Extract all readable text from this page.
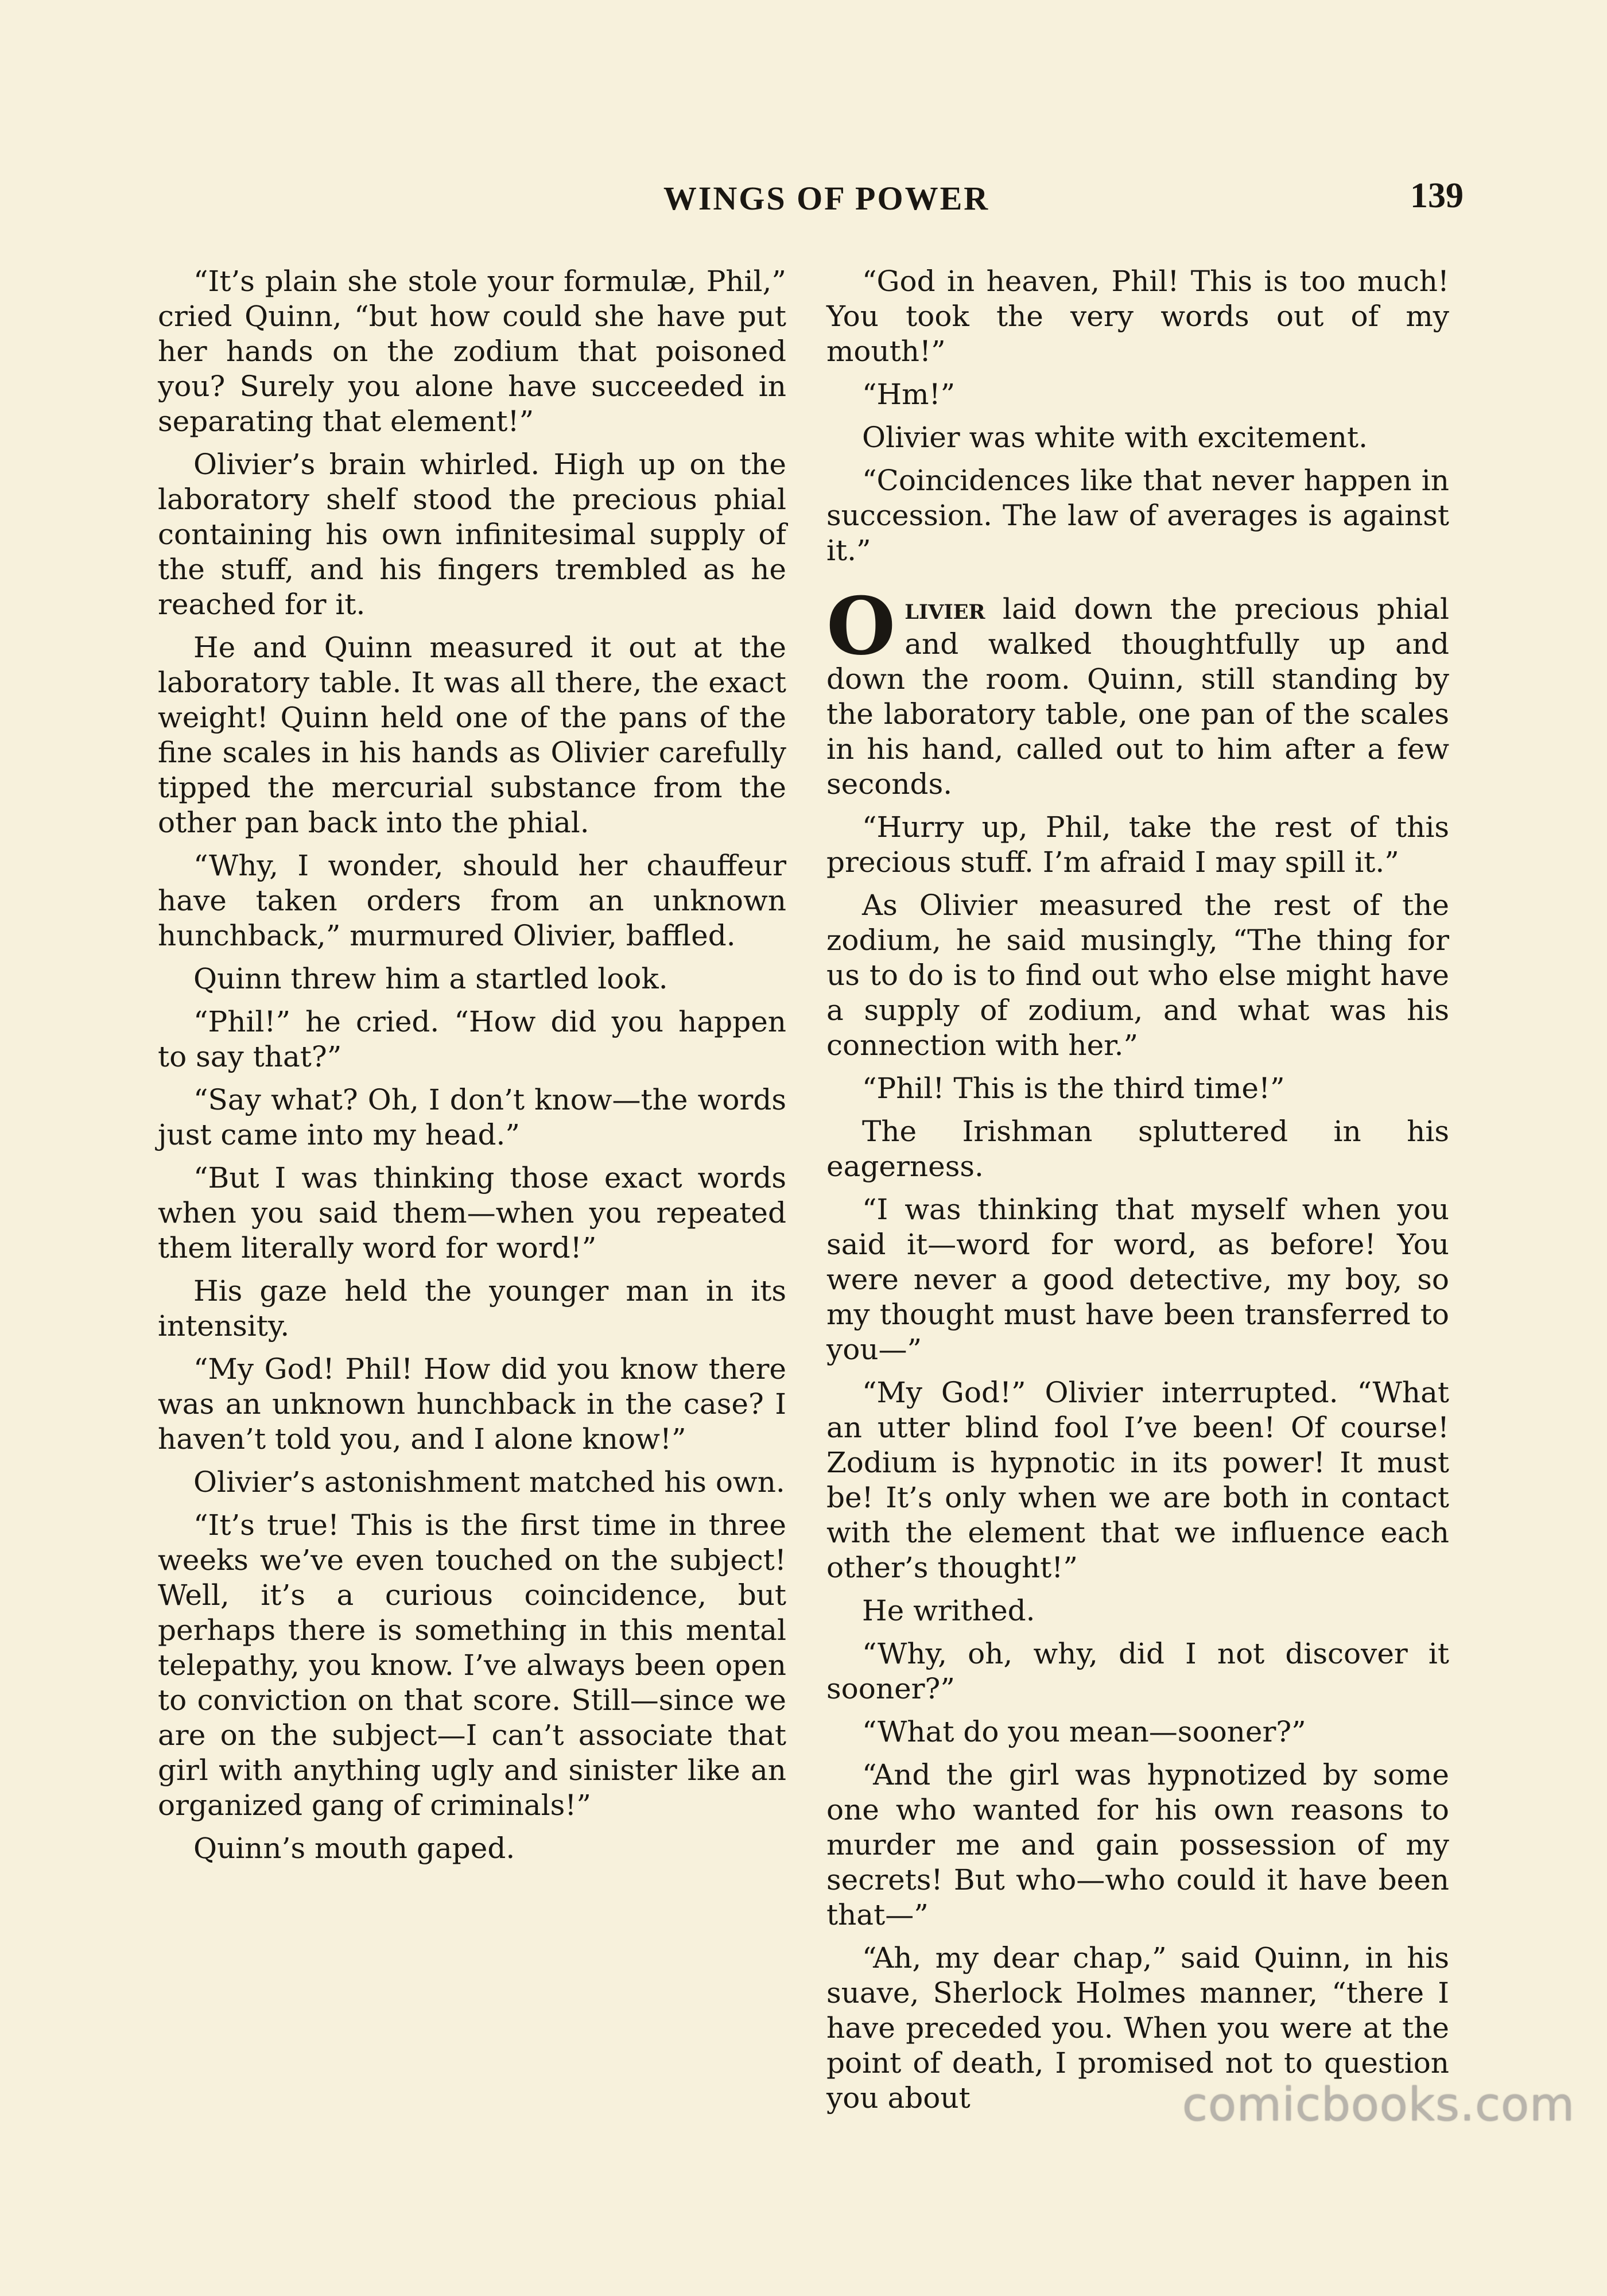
WINGS OF POWER	139

“It’s plain she stole your formulæ, Phil,” cried Quinn, “but how could she have put her hands on the zodium that poisoned you? Surely you alone have succeeded in separating that element!”

Olivier’s brain whirled. High up on the laboratory shelf stood the precious phial containing his own infinitesimal supply of the stuff, and his fingers trembled as he reached for it.

He and Quinn measured it out at the laboratory table. It was all there, the exact weight! Quinn held one of the pans of the fine scales in his hands as Olivier carefully tipped the mercurial substance from the other pan back into the phial.

“Why, I wonder, should her chauffeur have taken orders from an unknown hunchback,” murmured Olivier, baffled.

Quinn threw him a startled look.

“Phil!” he cried. “How did you happen to say that?”

“Say what? Oh, I don’t know—the words just came into my head.”

“But I was thinking those exact words when you said them—when you repeated them literally word for word!”

His gaze held the younger man in its intensity.

“My God! Phil! How did you know there was an unknown hunchback in the case? I haven’t told you, and I alone know!”

Olivier’s astonishment matched his own.

“It’s true! This is the first time in three weeks we’ve even touched on the subject! Well, it’s a curious coincidence, but perhaps there is something in this mental telepathy, you know. I’ve always been open to conviction on that score. Still—since we are on the subject—I can’t associate that girl with anything ugly and sinister like an organized gang of criminals!”

Quinn’s mouth gaped.

“God in heaven, Phil! This is too much! You took the very words out of my mouth!”

“Hm!”

Olivier was white with excitement.

“Coincidences like that never happen in succession. The law of averages is against it.”

Olivier laid down the precious phial and walked thoughtfully up and down the room. Quinn, still standing by the laboratory table, one pan of the scales in his hand, called out to him after a few seconds.

“Hurry up, Phil, take the rest of this precious stuff. I’m afraid I may spill it.”

As Olivier measured the rest of the zodium, he said musingly, “The thing for us to do is to find out who else might have a supply of zodium, and what was his connection with her.”

“Phil! This is the third time!”

The Irishman spluttered in his eagerness.

“I was thinking that myself when you said it—word for word, as before! You were never a good detective, my boy, so my thought must have been transferred to you—”

“My God!” Olivier interrupted. “What an utter blind fool I’ve been! Of course! Zodium is hypnotic in its power! It must be! It’s only when we are both in contact with the element that we influence each other’s thought!”

He writhed.

“Why, oh, why, did I not discover it sooner?”

“What do you mean—sooner?”

“And the girl was hypnotized by some one who wanted for his own reasons to murder me and gain possession of my secrets! But who—who could it have been that—”

“Ah, my dear chap,” said Quinn, in his suave, Sherlock Holmes manner, “there I have preceded you. When you were at the point of death, I promised not to question you about	comicbooks.com
